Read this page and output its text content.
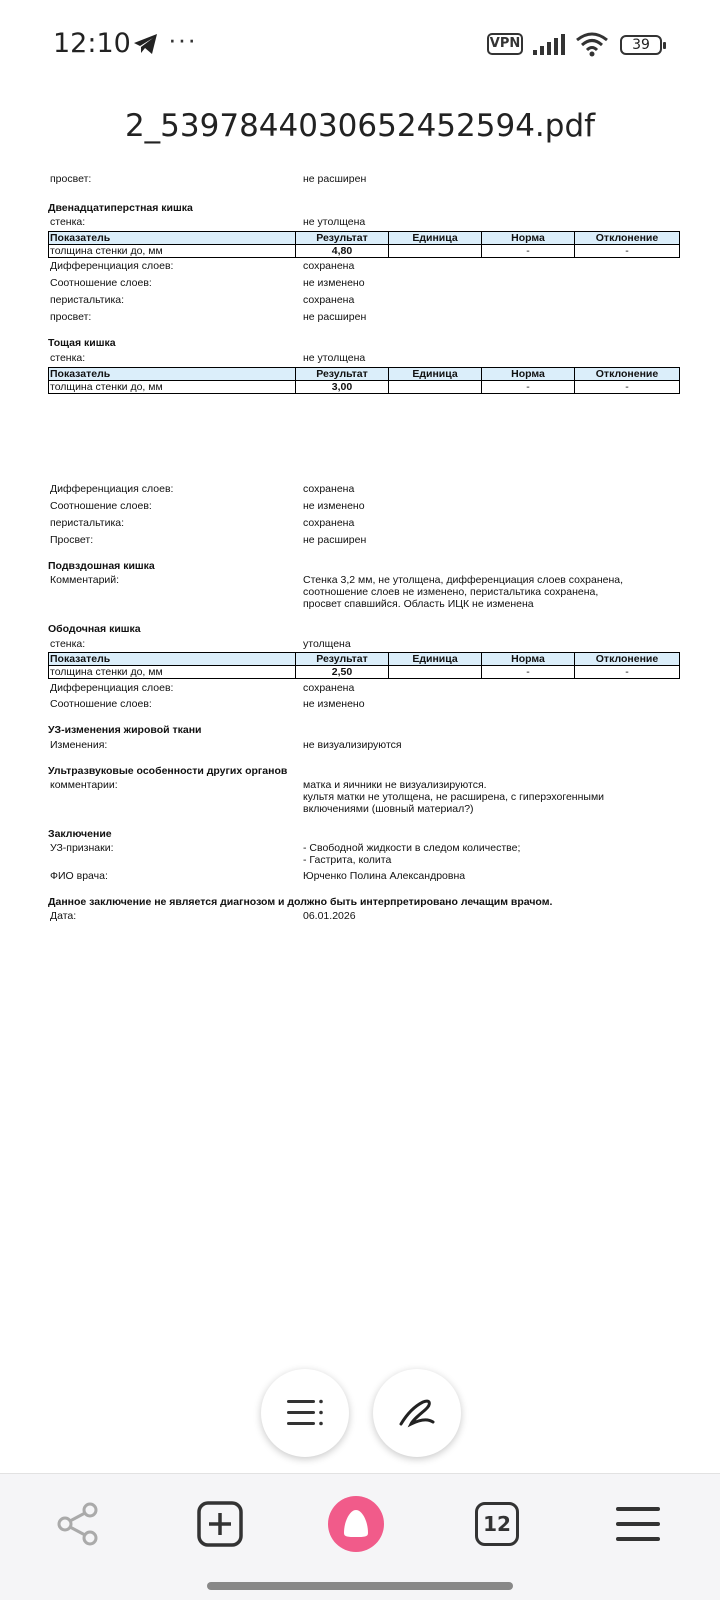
12:10 ···	VPN	39
2_5397844030652452594.pdf
просвет:	не расширен
Двенадцатиперстная кишка
стенка:	не утолщена
Показатель	Результат	Единица	Норма	Отклонение
толщина стенки до, мм	4,80		-	-
Дифференциация слоев:	сохранена
Соотношение слоев:	не изменено
перистальтика:	сохранена
просвет:	не расширен
Тощая кишка
стенка:	не утолщена
Показатель	Результат	Единица	Норма	Отклонение
толщина стенки до, мм	3,00		-	-
Дифференциация слоев:	сохранена
Соотношение слоев:	не изменено
перистальтика:	сохранена
Просвет:	не расширен
Подвздошная кишка
Комментарий:	Стенка 3,2 мм, не утолщена, дифференциация слоев сохранена,
соотношение слоев не изменено, перистальтика сохранена,
просвет спавшийся. Область ИЦК не изменена
Ободочная кишка
стенка:	утолщена
Показатель	Результат	Единица	Норма	Отклонение
толщина стенки до, мм	2,50		-	-
Дифференциация слоев:	сохранена
Соотношение слоев:	не изменено
УЗ-изменения жировой ткани
Изменения:	не визуализируются
Ультразвуковые особенности других органов
комментарии:	матка и яичники не визуализируются.
культя матки не утолщена, не расширена, с гиперэхогенными
включениями (шовный материал?)
Заключение
УЗ-признаки:	- Свободной жидкости в следом количестве;
- Гастрита, колита
ФИО врача:	Юрченко Полина Александровна
Данное заключение не является диагнозом и должно быть интерпретировано лечащим врачом.
Дата:	06.01.2026
12
